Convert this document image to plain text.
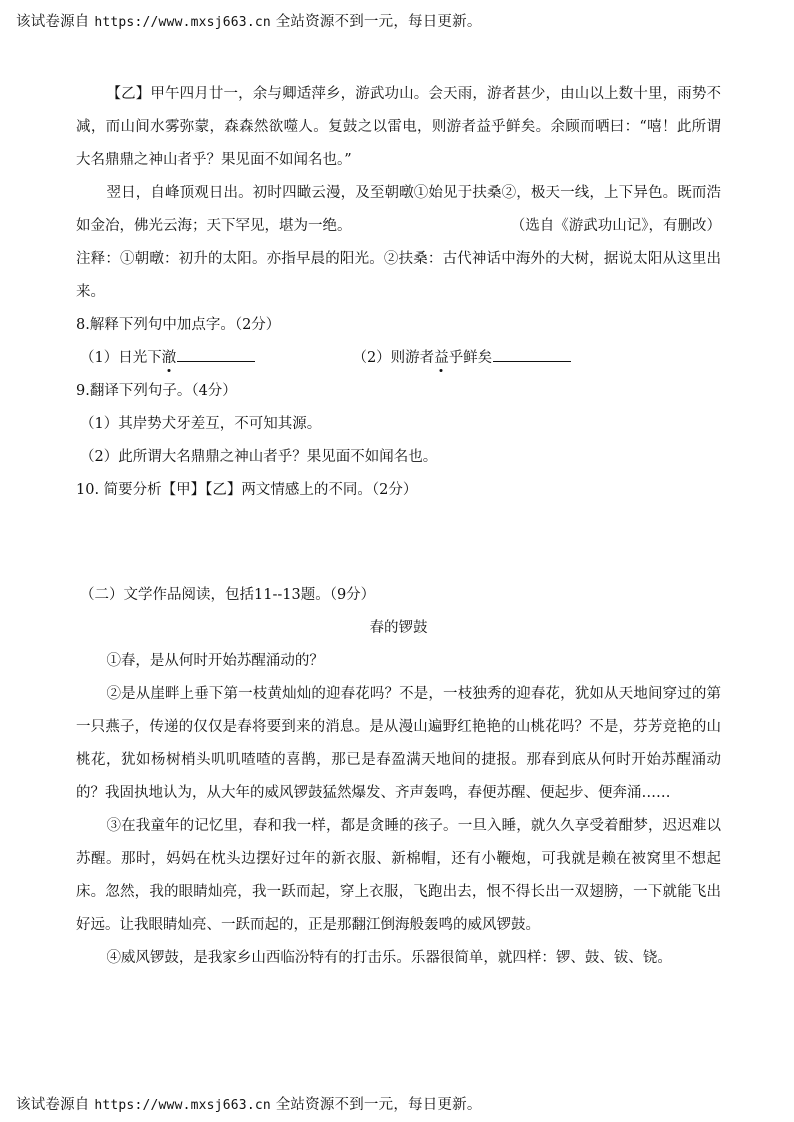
该试卷源自 https://www.mxsj663.cn 全站资源不到一元，每日更新。

【乙】甲午四月廿一，余与卿适萍乡，游武功山。会天雨，游者甚少，由山以上数十里，雨势不减，而山间水雾弥蒙，森森然欲噬人。复鼓之以雷电，则游者益乎鲜矣。余顾而哂曰：“嘻！此所谓大名鼎鼎之神山者乎？果见面不如闻名也。”

翌日，自峰顶观日出。初时四瞰云漫，及至朝暾①始见于扶桑②，极天一线，上下异色。既而浩如金冶，佛光云海；天下罕见，堪为一绝。	（选自《游武功山记》，有删改）

注释：①朝暾：初升的太阳。亦指早晨的阳光。②扶桑：古代神话中海外的大树，据说太阳从这里出来。

8.解释下列句中加点字。（2分）

（1）日光下澈	（2）则游者益乎鲜矣

9.翻译下列句子。（4分）

（1）其岸势犬牙差互，不可知其源。

（2）此所谓大名鼎鼎之神山者乎？果见面不如闻名也。

10. 简要分析【甲】【乙】两文情感上的不同。（2分）

（二）文学作品阅读，包括11--13题。（9分）

春的锣鼓

①春，是从何时开始苏醒涌动的？

②是从崖畔上垂下第一枝黄灿灿的迎春花吗？不是，一枝独秀的迎春花，犹如从天地间穿过的第一只燕子，传递的仅仅是春将要到来的消息。是从漫山遍野红艳艳的山桃花吗？不是，芬芳竞艳的山桃花，犹如杨树梢头叽叽喳喳的喜鹊，那已是春盈满天地间的捷报。那春到底从何时开始苏醒涌动的？我固执地认为，从大年的威风锣鼓猛然爆发、齐声轰鸣，春便苏醒、便起步、便奔涌……

③在我童年的记忆里，春和我一样，都是贪睡的孩子。一旦入睡，就久久享受着酣梦，迟迟难以苏醒。那时，妈妈在枕头边摆好过年的新衣服、新棉帽，还有小鞭炮，可我就是赖在被窝里不想起床。忽然，我的眼睛灿亮，我一跃而起，穿上衣服，飞跑出去，恨不得长出一双翅膀，一下就能飞出好远。让我眼睛灿亮、一跃而起的，正是那翻江倒海般轰鸣的威风锣鼓。

④威风锣鼓，是我家乡山西临汾特有的打击乐。乐器很简单，就四样：锣、鼓、钹、铙。

该试卷源自 https://www.mxsj663.cn 全站资源不到一元，每日更新。
